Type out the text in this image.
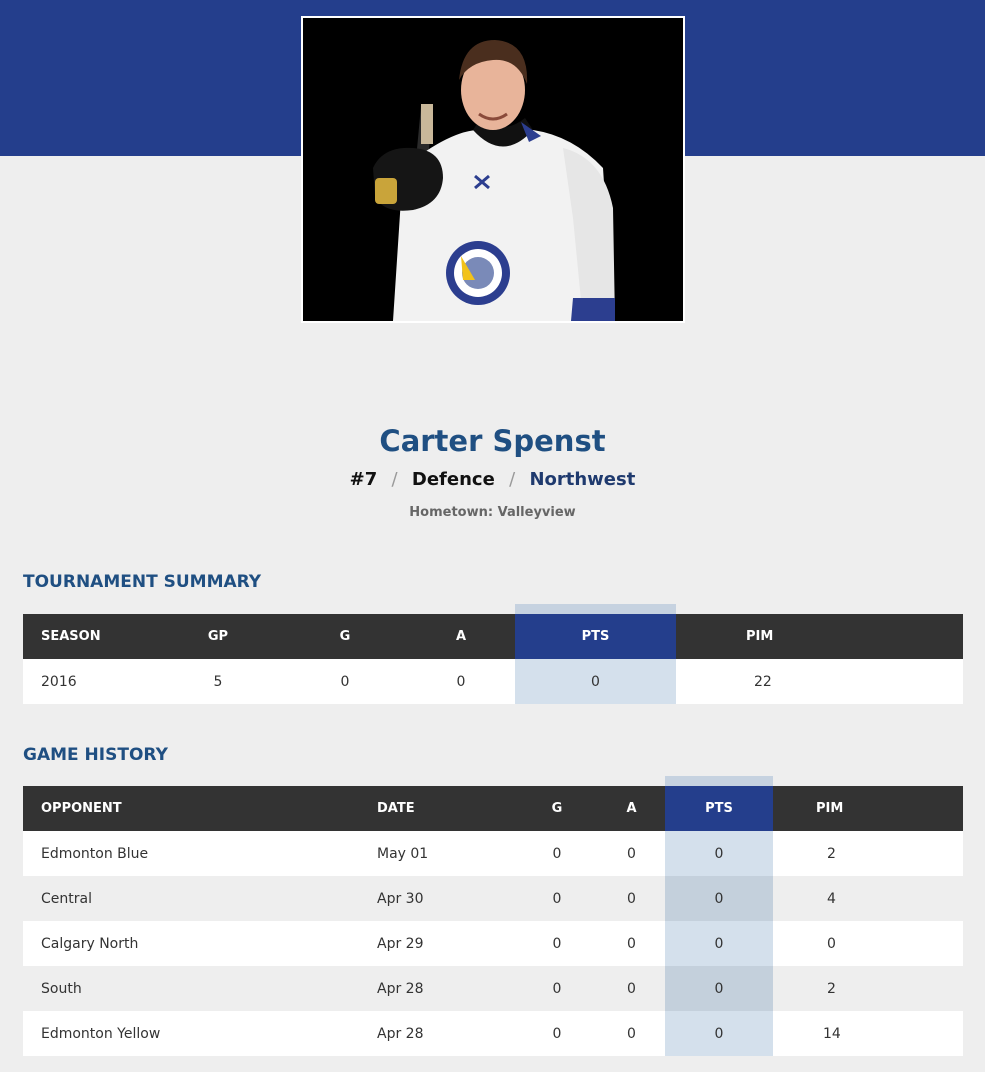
Carter Spenst
#7 / Defence / Northwest
Hometown: Valleyview
TOURNAMENT SUMMARY
SEASON	GP	G	A	PTS	PIM
2016	5	0	0	0	22
GAME HISTORY
OPPONENT	DATE	G	A	PTS	PIM
Edmonton Blue	May 01	0	0	0	2
Central	Apr 30	0	0	0	4
Calgary North	Apr 29	0	0	0	0
South	Apr 28	0	0	0	2
Edmonton Yellow	Apr 28	0	0	0	14
